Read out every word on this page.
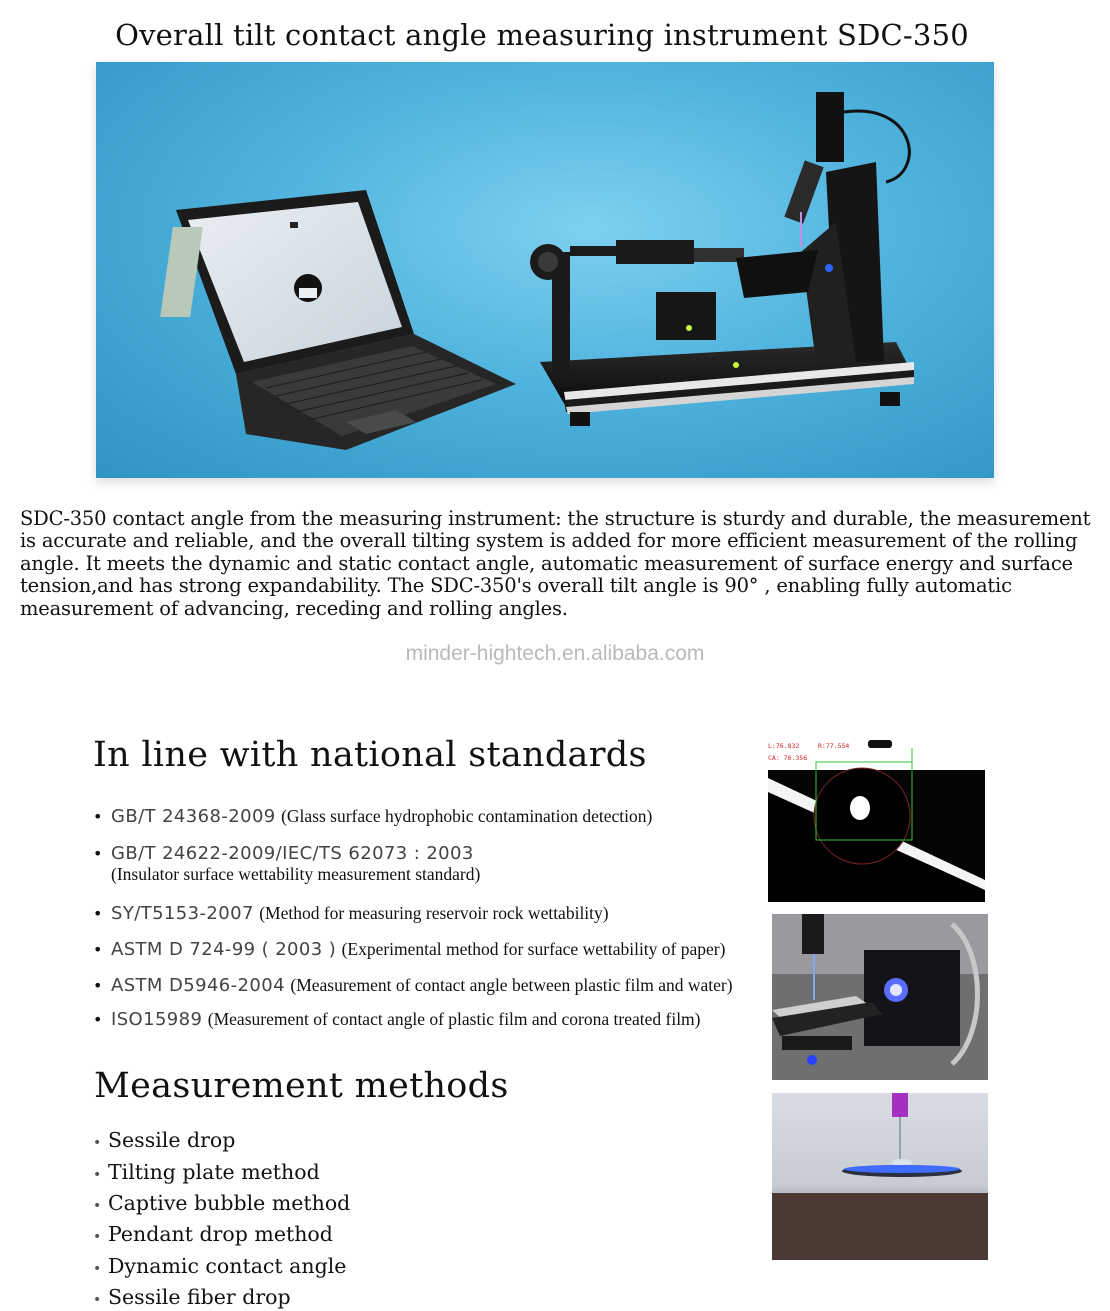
Overall tilt contact angle measuring instrument SDC-350
SDC-350 contact angle from the measuring instrument: the structure is sturdy and durable, the measurement is accurate and reliable, and the overall tilting system is added for more efficient measurement of the rolling angle. It meets the dynamic and static contact angle, automatic measurement of surface energy and surface tension,and has strong expandability. The SDC-350's overall tilt angle is 90° , enabling fully automatic measurement of advancing, receding and rolling angles.
minder-hightech.en.alibaba.com
In line with national standards
• GB/T 24368-2009 (Glass surface hydrophobic contamination detection)
• GB/T 24622-2009/IEC/TS 62073 : 2003
(Insulator surface wettability measurement standard)
• SY/T5153-2007 (Method for measuring reservoir rock wettability)
• ASTM D 724-99 ( 2003 ) (Experimental method for surface wettability of paper)
• ASTM D5946-2004 (Measurement of contact angle between plastic film and water)
• ISO15989 (Measurement of contact angle of plastic film and corona treated film)
Measurement methods
• Sessile drop
• Tilting plate method
• Captive bubble method
• Pendant drop method
• Dynamic contact angle
• Sessile fiber drop
L:76.832	R:77.554
CA: 76.356
